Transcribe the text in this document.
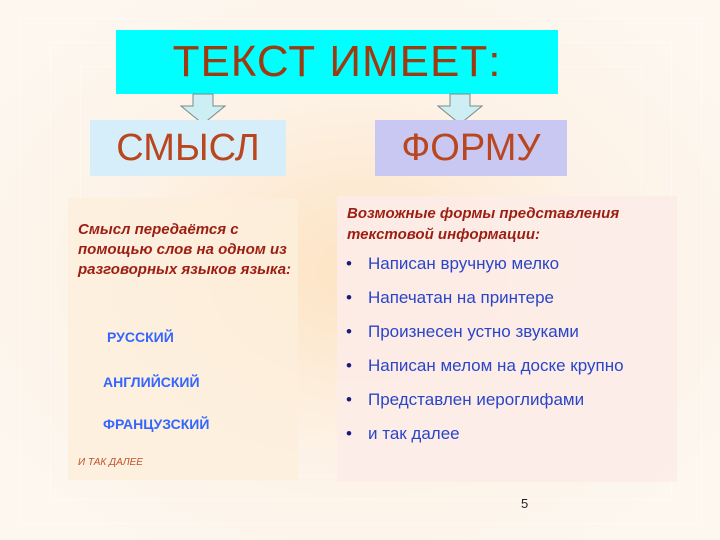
ТЕКСТ ИМЕЕТ:
СМЫСЛ	ФОРМУ
Смысл передаётся с помощью слов на одном из разговорных языков языка:
РУССКИЙ
АНГЛИЙСКИЙ
ФРАНЦУЗСКИЙ
И ТАК ДАЛЕЕ
Возможные формы представления текстовой информации:
• Написан вручную мелко
• Напечатан на принтере
• Произнесен устно звуками
• Написан мелом на доске крупно
• Представлен иероглифами
• и так далее
5
